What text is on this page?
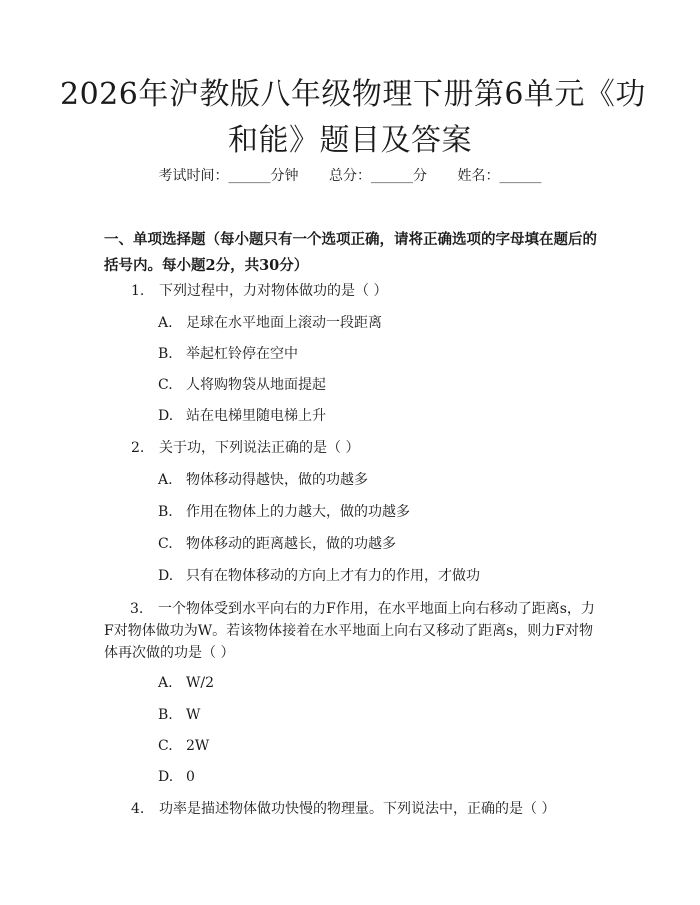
2026年沪教版八年级物理下册第6单元《功
和能》题目及答案
考试时间：______分钟 总分：______分 姓名：______
一、单项选择题（每小题只有一个选项正确，请将正确选项的字母填在题后的括号内。每小题2分，共30分）
1. 下列过程中，力对物体做功的是（ ）
A. 足球在水平地面上滚动一段距离
B. 举起杠铃停在空中
C. 人将购物袋从地面提起
D. 站在电梯里随电梯上升
2. 关于功，下列说法正确的是（ ）
A. 物体移动得越快，做的功越多
B. 作用在物体上的力越大，做的功越多
C. 物体移动的距离越长，做的功越多
D. 只有在物体移动的方向上才有力的作用，才做功
3. 一个物体受到水平向右的力F作用，在水平地面上向右移动了距离s，力F对物体做功为W。若该物体接着在水平地面上向右又移动了距离s，则力F对物体再次做的功是（ ）
A. W/2
B. W
C. 2W
D. 0
4. 功率是描述物体做功快慢的物理量。下列说法中，正确的是（ ）
